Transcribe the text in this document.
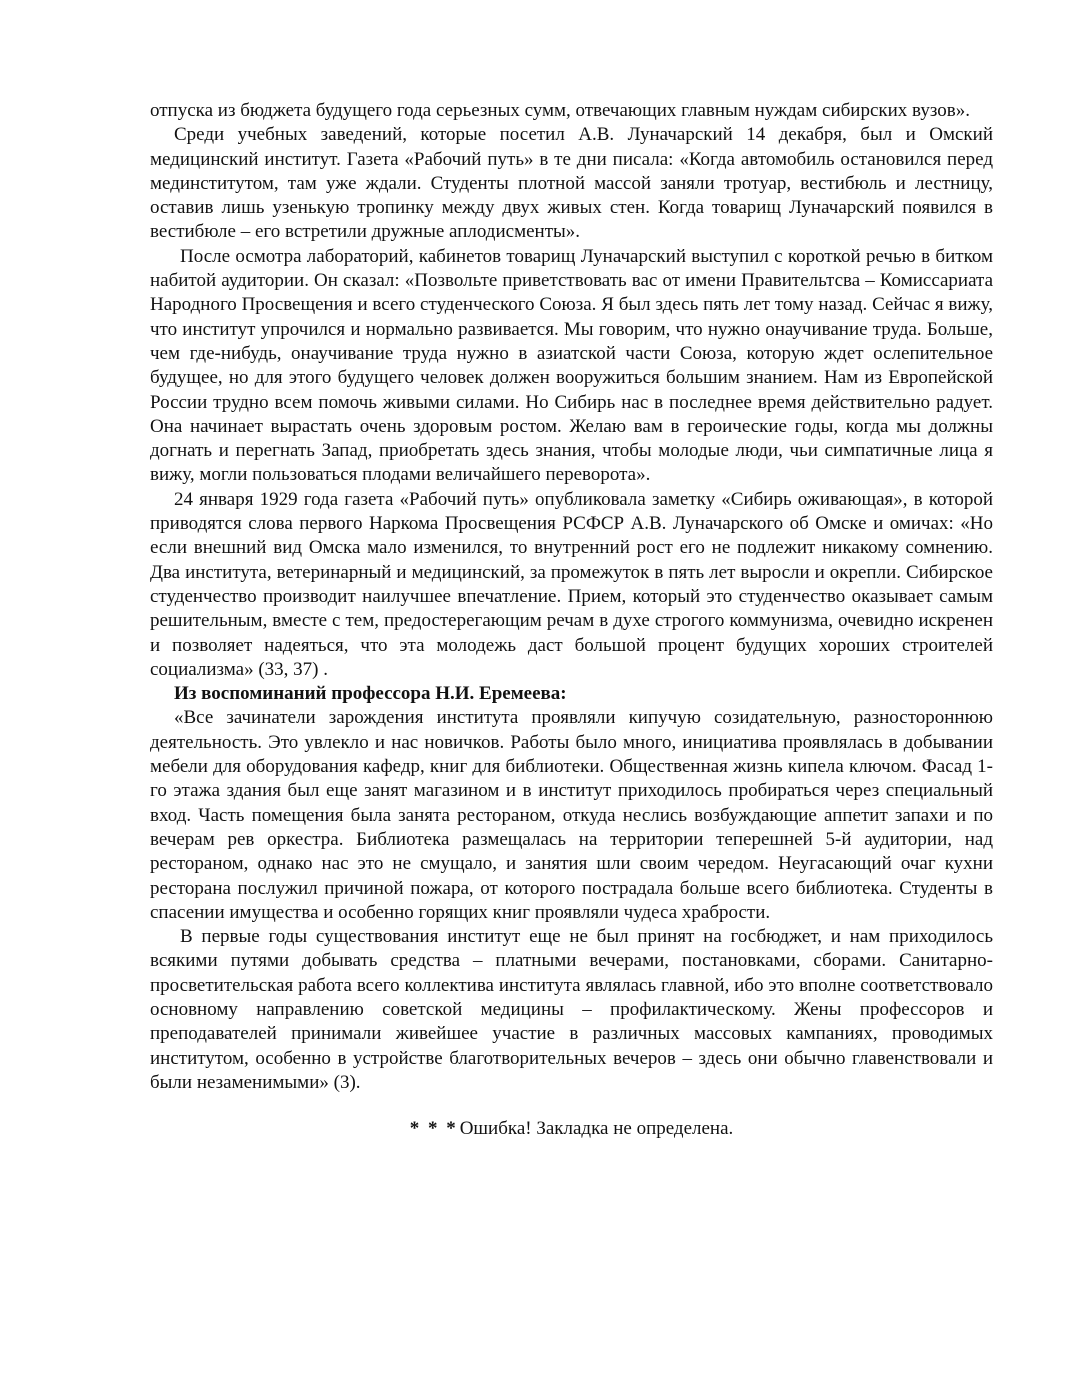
отпуска из бюджета будущего года серьезных сумм, отвечающих главным нуждам сибирских вузов».

Среди учебных заведений, которые посетил А.В. Луначарский 14 декабря, был и Омский медицинский институт. Газета «Рабочий путь» в те дни писала: «Когда автомобиль остановился перед мединститутом, там уже ждали. Студенты плотной массой заняли тротуар, вестибюль и лестницу, оставив лишь узенькую тропинку между двух живых стен. Когда товарищ Луначарский появился в вестибюле – его встретили дружные аплодисменты».

После осмотра лабораторий, кабинетов товарищ Луначарский выступил с короткой речью в битком набитой аудитории. Он сказал: «Позвольте приветствовать вас от имени Правительтсва – Комиссариата Народного Просвещения и всего студенческого Союза. Я был здесь пять лет тому назад. Сейчас я вижу, что институт упрочился и нормально развивается. Мы говорим, что нужно онаучивание труда. Больше, чем где-нибудь, онаучивание труда нужно в азиатской части Союза, которую ждет ослепительное будущее, но для этого будущего человек должен вооружиться большим знанием. Нам из Европейской России трудно всем помочь живыми силами. Но Сибирь нас в последнее время действительно радует. Она начинает вырастать очень здоровым ростом. Желаю вам в героические годы, когда мы должны догнать и перегнать Запад, приобретать здесь знания, чтобы молодые люди, чьи симпатичные лица я вижу, могли пользоваться плодами величайшего переворота».

24 января 1929 года газета «Рабочий путь» опубликовала заметку «Сибирь оживающая», в которой приводятся слова первого Наркома Просвещения РСФСР А.В. Луначарского об Омске и омичах: «Но если внешний вид Омска мало изменился, то внутренний рост его не подлежит никакому сомнению. Два института, ветеринарный и медицинский, за промежуток в пять лет выросли и окрепли. Сибирское студенчество производит наилучшее впечатление. Прием, который это студенчество оказывает самым решительным, вместе с тем, предостерегающим речам в духе строгого коммунизма, очевидно искренен и позволяет надеяться, что эта молодежь даст большой процент будущих хороших строителей социализма» (33, 37) .

Из воспоминаний профессора Н.И. Еремеева:

«Все зачинатели зарождения института проявляли кипучую созидательную, разностороннюю деятельность. Это увлекло и нас новичков. Работы было много, инициатива проявлялась в добывании мебели для оборудования кафедр, книг для библиотеки. Общественная жизнь кипела ключом. Фасад 1-го этажа здания был еще занят магазином и в институт приходилось пробираться через специальный вход. Часть помещения была занята рестораном, откуда неслись возбуждающие аппетит запахи и по вечерам рев оркестра. Библиотека размещалась на территории теперешней 5-й аудитории, над рестораном, однако нас это не смущало, и занятия шли своим чередом. Неугасающий очаг кухни ресторана послужил причиной пожара, от которого пострадала больше всего библиотека. Студенты в спасении имущества и особенно горящих книг проявляли чудеса храбрости.

В первые годы существования институт еще не был принят на госбюджет, и нам приходилось всякими путями добывать средства – платными вечерами, постановками, сборами. Санитарно-просветительская работа всего коллектива института являлась главной, ибо это вполне соответствовало основному направлению советской медицины – профилактическому. Жены профессоров и преподавателей принимали живейшее участие в различных массовых кампаниях, проводимых институтом, особенно в устройстве благотворительных вечеров – здесь они обычно главенствовали и были незаменимыми» (3).

* * * Ошибка! Закладка не определена.
